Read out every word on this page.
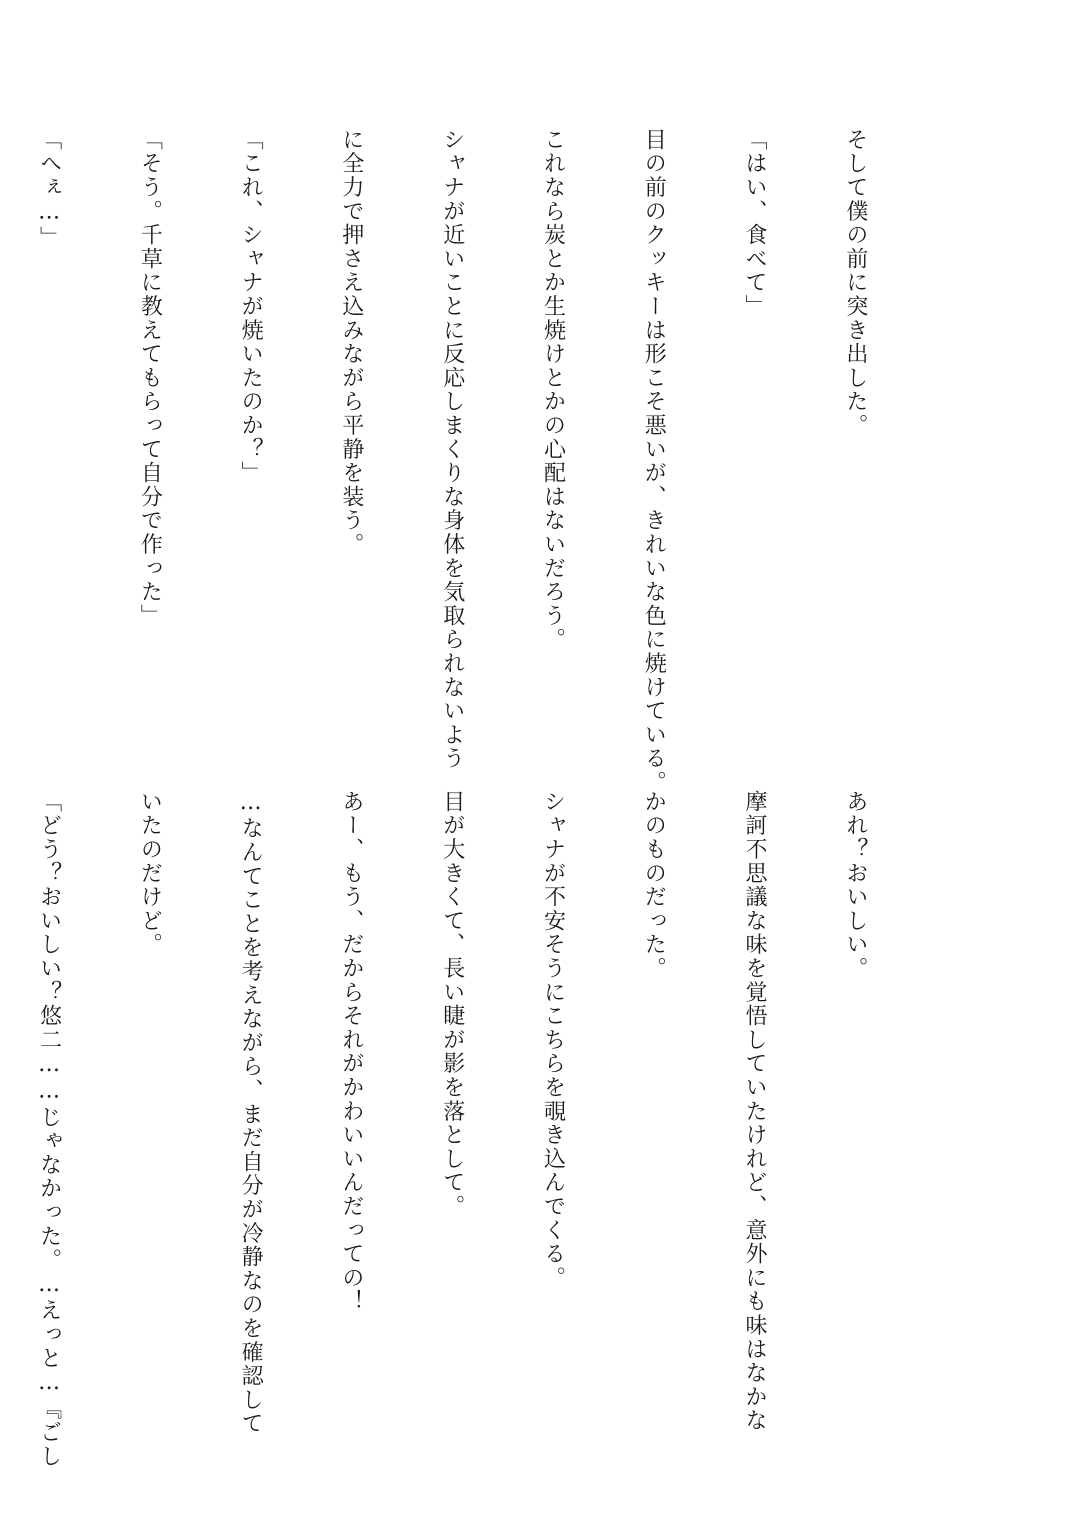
そして僕の前に突き出した。

「はい、食べて」

目の前のクッキーは形こそ悪いが、きれいな色に焼けている。

これなら炭とか生焼けとかの心配はないだろう。

シャナが近いことに反応しまくりな身体を気取られないよう

に全力で押さえ込みながら平静を装う。

「これ、シャナが焼いたのか？」

「そう。千草に教えてもらって自分で作った」

「へぇ…」

あれ？おいしい。

摩訶不思議な味を覚悟していたけれど、意外にも味はなかな

かのものだった。

シャナが不安そうにこちらを覗き込んでくる。

目が大きくて、長い睫が影を落として。

あー、もう、だからそれがかわいいんだっての！

…なんてことを考えながら、まだ自分が冷静なのを確認して

いたのだけど。

「どう？おいしい？悠二……じゃなかった。…えっと…『ごし
